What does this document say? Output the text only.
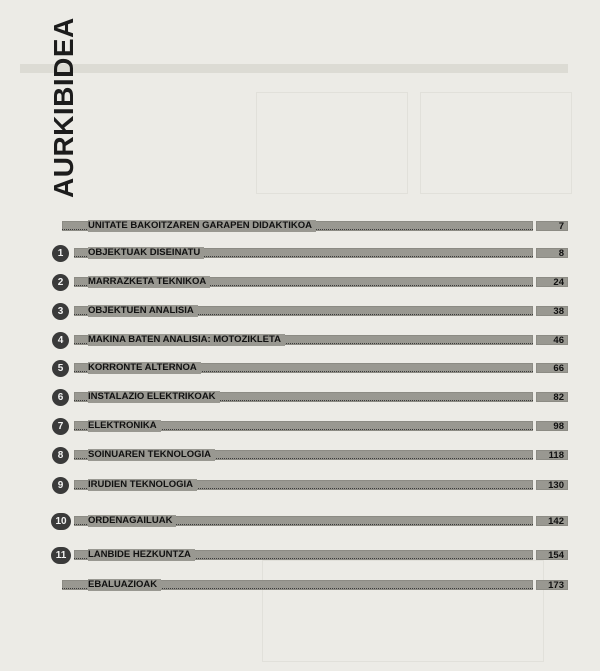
AURKIBIDEA
UNITATE BAKOITZAREN GARAPEN DIDAKTIKOA	7
1	OBJEKTUAK DISEINATU	8
2	MARRAZKETA TEKNIKOA	24
3	OBJEKTUEN ANALISIA	38
4	MAKINA BATEN ANALISIA: MOTOZIKLETA	46
5	KORRONTE ALTERNOA	66
6	INSTALAZIO ELEKTRIKOAK	82
7	ELEKTRONIKA	98
8	SOINUAREN TEKNOLOGIA	118
9	IRUDIEN TEKNOLOGIA	130
10	ORDENAGAILUAK	142
11	LANBIDE HEZKUNTZA	154
EBALUAZIOAK	173
